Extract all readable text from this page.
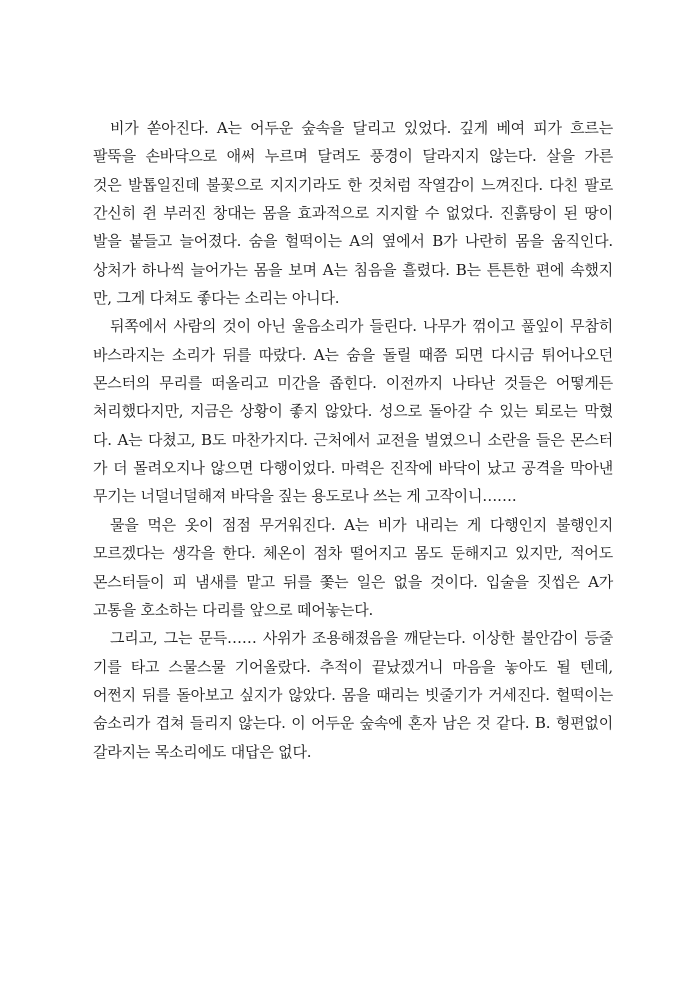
비가 쏟아진다. A는 어두운 숲속을 달리고 있었다. 깊게 베여 피가 흐르는
팔뚝을 손바닥으로 애써 누르며 달려도 풍경이 달라지지 않는다. 살을 가른
것은 발톱일진데 불꽃으로 지지기라도 한 것처럼 작열감이 느껴진다. 다친 팔로
간신히 쥔 부러진 창대는 몸을 효과적으로 지지할 수 없었다. 진흙탕이 된 땅이
발을 붙들고 늘어졌다. 숨을 헐떡이는 A의 옆에서 B가 나란히 몸을 움직인다.
상처가 하나씩 늘어가는 몸을 보며 A는 침음을 흘렸다. B는 튼튼한 편에 속했지
만, 그게 다쳐도 좋다는 소리는 아니다.
뒤쪽에서 사람의 것이 아닌 울음소리가 들린다. 나무가 꺾이고 풀잎이 무참히
바스라지는 소리가 뒤를 따랐다. A는 숨을 돌릴 때쯤 되면 다시금 튀어나오던
몬스터의 무리를 떠올리고 미간을 좁힌다. 이전까지 나타난 것들은 어떻게든
처리했다지만, 지금은 상황이 좋지 않았다. 성으로 돌아갈 수 있는 퇴로는 막혔
다. A는 다쳤고, B도 마찬가지다. 근처에서 교전을 벌였으니 소란을 들은 몬스터
가 더 몰려오지나 않으면 다행이었다. 마력은 진작에 바닥이 났고 공격을 막아낸
무기는 너덜너덜해져 바닥을 짚는 용도로나 쓰는 게 고작이니…….
물을 먹은 옷이 점점 무거워진다. A는 비가 내리는 게 다행인지 불행인지
모르겠다는 생각을 한다. 체온이 점차 떨어지고 몸도 둔해지고 있지만, 적어도
몬스터들이 피 냄새를 맡고 뒤를 쫓는 일은 없을 것이다. 입술을 짓씹은 A가
고통을 호소하는 다리를 앞으로 떼어놓는다.
그리고, 그는 문득…… 사위가 조용해졌음을 깨닫는다. 이상한 불안감이 등줄
기를 타고 스물스물 기어올랐다. 추적이 끝났겠거니 마음을 놓아도 될 텐데,
어쩐지 뒤를 돌아보고 싶지가 않았다. 몸을 때리는 빗줄기가 거세진다. 헐떡이는
숨소리가 겹쳐 들리지 않는다. 이 어두운 숲속에 혼자 남은 것 같다. B. 형편없이
갈라지는 목소리에도 대답은 없다.
